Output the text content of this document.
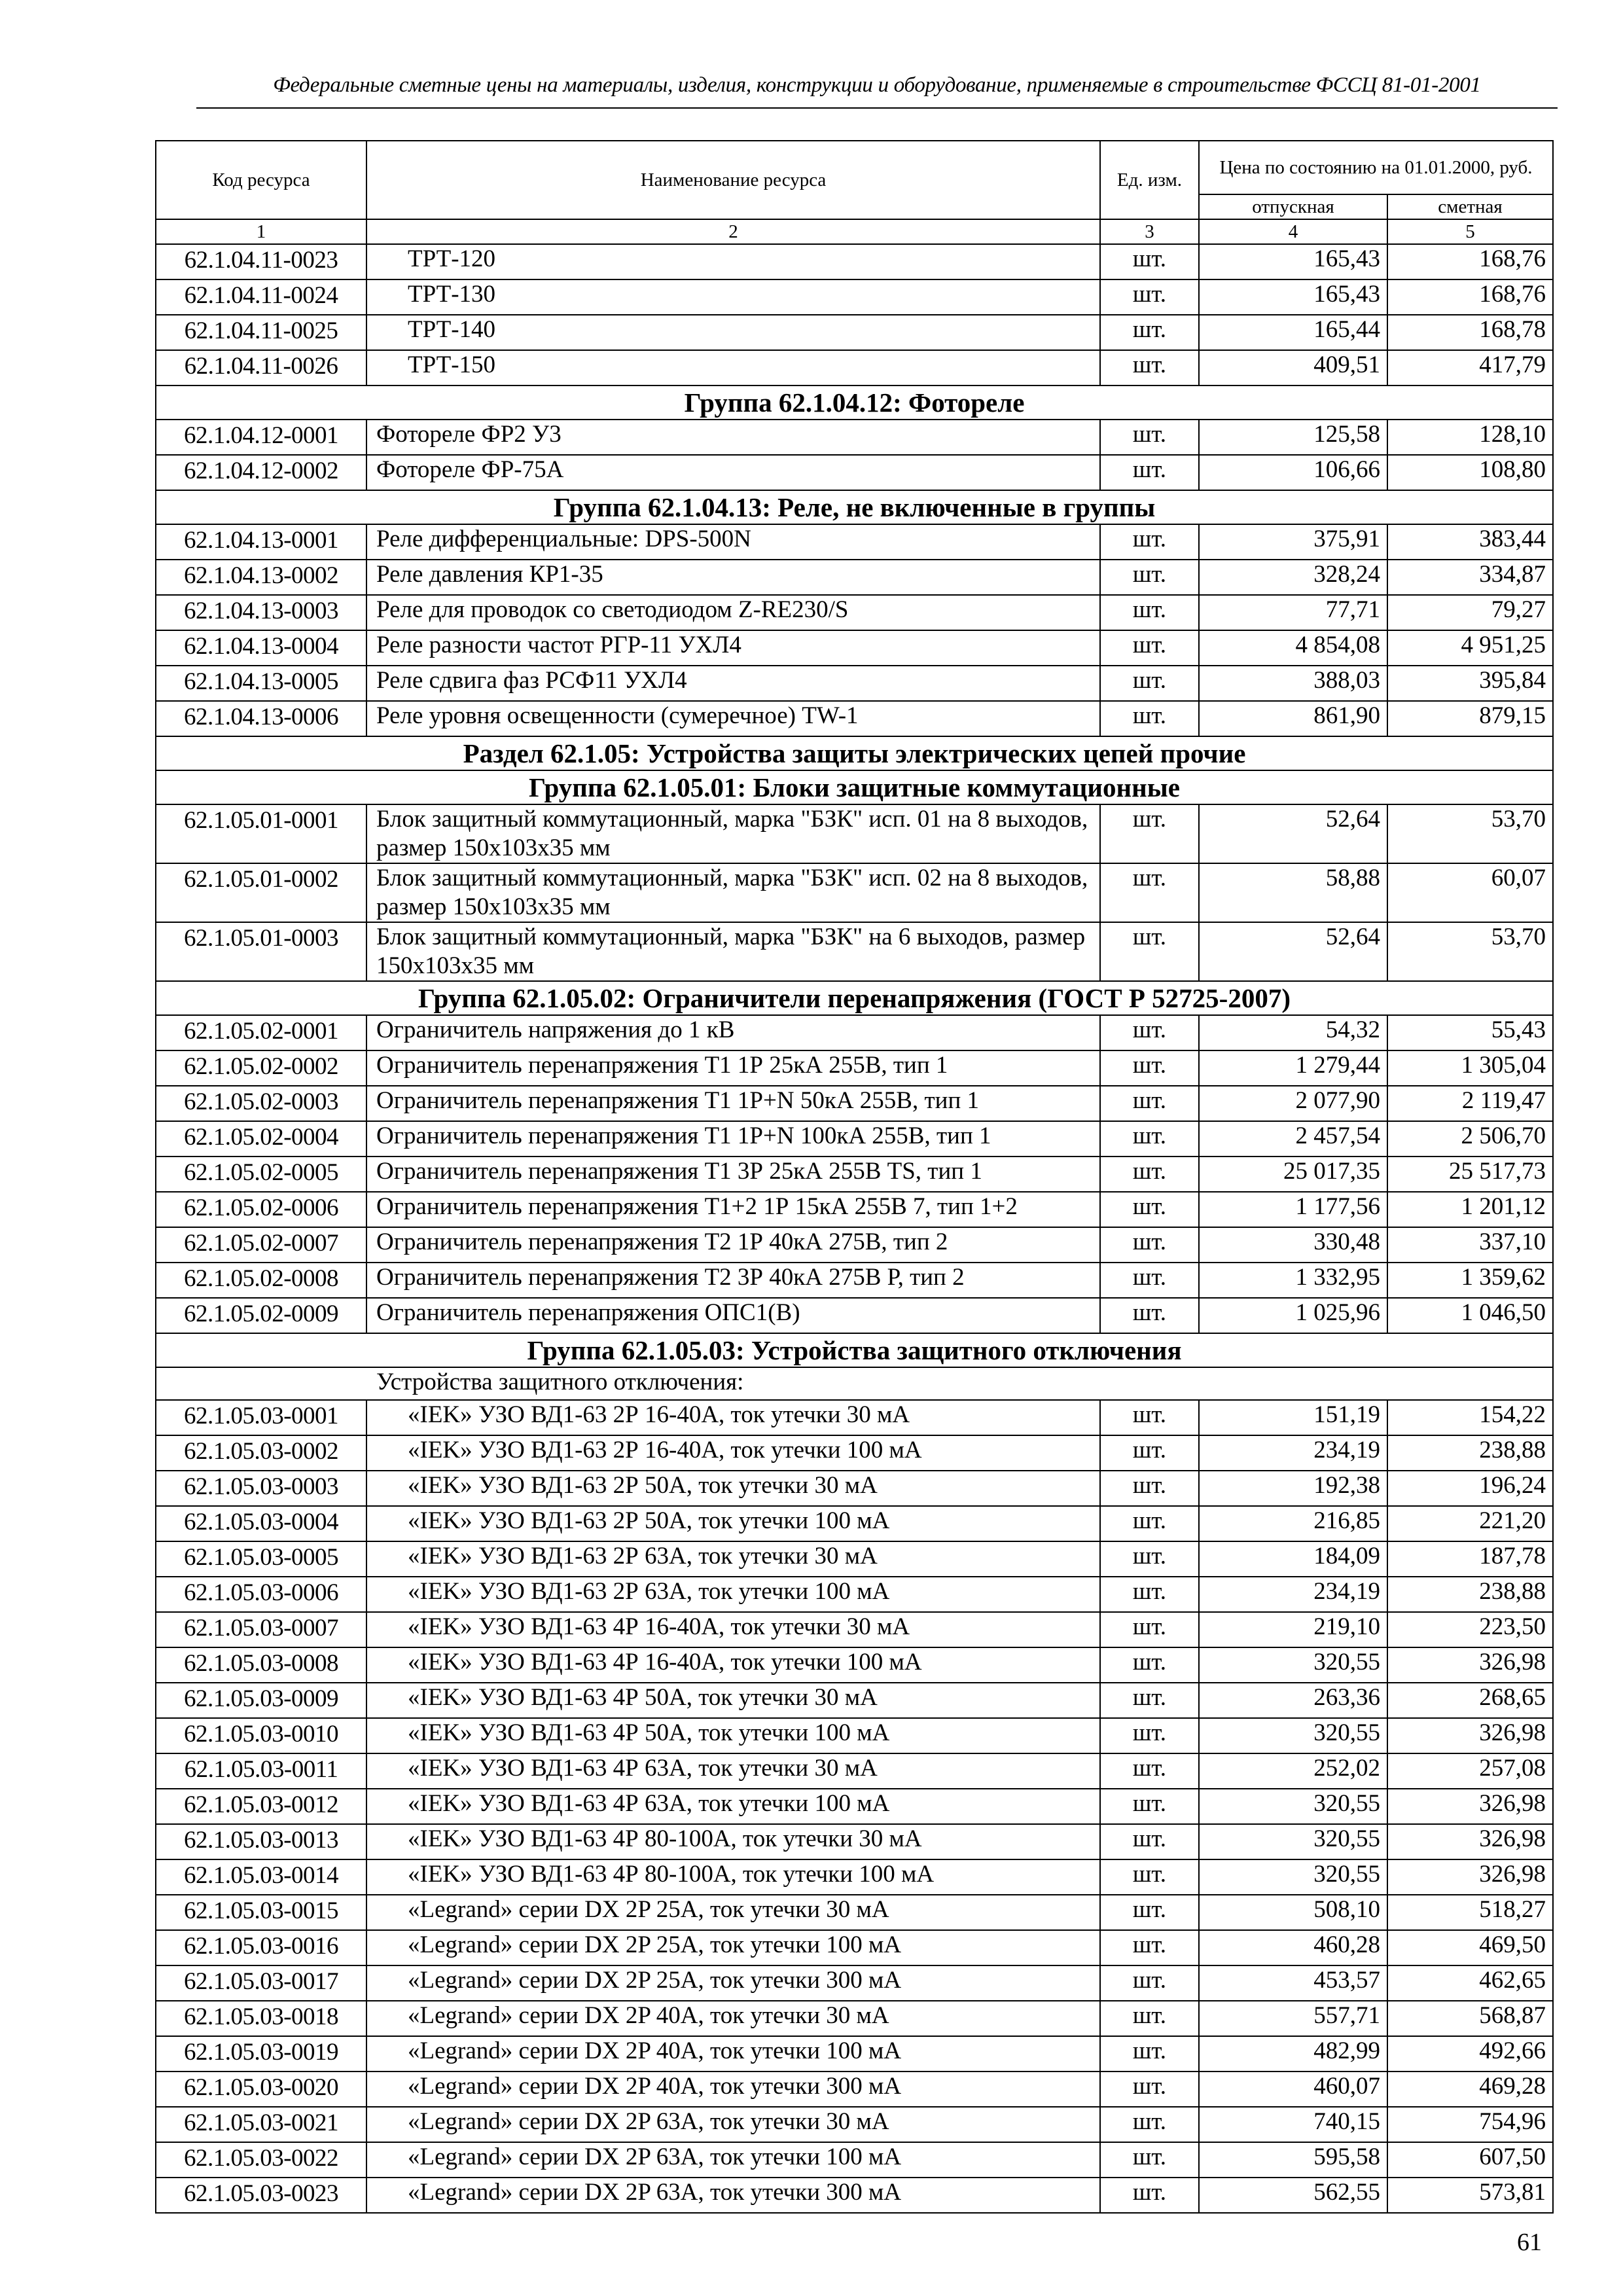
Федеральные сметные цены на материалы, изделия, конструкции и оборудование, применяемые в строительстве ФССЦ 81-01-2001
Код ресурса	Наименование ресурса	Ед. изм.	Цена по состоянию на 01.01.2000, руб.	
			отпускная	сметная
1	2	3	4	5
62.1.04.11-0023	ТРТ-120	шт.	165,43	168,76
62.1.04.11-0024	ТРТ-130	шт.	165,43	168,76
62.1.04.11-0025	ТРТ-140	шт.	165,44	168,78
62.1.04.11-0026	ТРТ-150	шт.	409,51	417,79
Группа 62.1.04.12: Фотореле				
62.1.04.12-0001	Фотореле ФР2 У3	шт.	125,58	128,10
62.1.04.12-0002	Фотореле ФР-75А	шт.	106,66	108,80
Группа 62.1.04.13: Реле, не включенные в группы				
62.1.04.13-0001	Реле дифференциальные: DPS-500N	шт.	375,91	383,44
62.1.04.13-0002	Реле давления КР1-35	шт.	328,24	334,87
62.1.04.13-0003	Реле для проводок со светодиодом Z-RE230/S	шт.	77,71	79,27
62.1.04.13-0004	Реле разности частот РГР-11 УХЛ4	шт.	4 854,08	4 951,25
62.1.04.13-0005	Реле сдвига фаз РСФ11 УХЛ4	шт.	388,03	395,84
62.1.04.13-0006	Реле уровня освещенности (сумеречное) TW-1	шт.	861,90	879,15
Раздел 62.1.05: Устройства защиты электрических цепей прочие				
Группа 62.1.05.01: Блоки защитные коммутационные				
62.1.05.01-0001	Блок защитный коммутационный, марка "БЗК" исп. 01 на 8 выходов, размер 150х103х35 мм	шт.	52,64	53,70
62.1.05.01-0002	Блок защитный коммутационный, марка "БЗК" исп. 02 на 8 выходов, размер 150х103х35 мм	шт.	58,88	60,07
62.1.05.01-0003	Блок защитный коммутационный, марка "БЗК" на 6 выходов, размер 150х103х35 мм	шт.	52,64	53,70
Группа 62.1.05.02: Ограничители перенапряжения (ГОСТ Р 52725-2007)				
62.1.05.02-0001	Ограничитель напряжения до 1 кВ	шт.	54,32	55,43
62.1.05.02-0002	Ограничитель перенапряжения Т1 1Р 25кА 255В, тип 1	шт.	1 279,44	1 305,04
62.1.05.02-0003	Ограничитель перенапряжения Т1 1Р+N 50кА 255В, тип 1	шт.	2 077,90	2 119,47
62.1.05.02-0004	Ограничитель перенапряжения Т1 1Р+N 100кА 255В, тип 1	шт.	2 457,54	2 506,70
62.1.05.02-0005	Ограничитель перенапряжения Т1 3Р 25кА 255В TS, тип 1	шт.	25 017,35	25 517,73
62.1.05.02-0006	Ограничитель перенапряжения Т1+2 1Р 15кА 255В 7, тип 1+2	шт.	1 177,56	1 201,12
62.1.05.02-0007	Ограничитель перенапряжения Т2 1Р 40кА 275В, тип 2	шт.	330,48	337,10
62.1.05.02-0008	Ограничитель перенапряжения Т2 3Р 40кА 275В Р, тип 2	шт.	1 332,95	1 359,62
62.1.05.02-0009	Ограничитель перенапряжения ОПС1(В)	шт.	1 025,96	1 046,50
Группа 62.1.05.03: Устройства защитного отключения				
Устройства защитного отключения:				
62.1.05.03-0001	«IEK» УЗО ВД1-63 2Р 16-40А, ток утечки 30 мА	шт.	151,19	154,22
62.1.05.03-0002	«IEK» УЗО ВД1-63 2Р 16-40А, ток утечки 100 мА	шт.	234,19	238,88
62.1.05.03-0003	«IEK» УЗО ВД1-63 2Р 50А, ток утечки 30 мА	шт.	192,38	196,24
62.1.05.03-0004	«IEK» УЗО ВД1-63 2Р 50А, ток утечки 100 мА	шт.	216,85	221,20
62.1.05.03-0005	«IEK» УЗО ВД1-63 2Р 63А, ток утечки 30 мА	шт.	184,09	187,78
62.1.05.03-0006	«IEK» УЗО ВД1-63 2Р 63А, ток утечки 100 мА	шт.	234,19	238,88
62.1.05.03-0007	«IEK» УЗО ВД1-63 4Р 16-40А, ток утечки 30 мА	шт.	219,10	223,50
62.1.05.03-0008	«IEK» УЗО ВД1-63 4Р 16-40А, ток утечки 100 мА	шт.	320,55	326,98
62.1.05.03-0009	«IEK» УЗО ВД1-63 4Р 50А, ток утечки 30 мА	шт.	263,36	268,65
62.1.05.03-0010	«IEK» УЗО ВД1-63 4Р 50А, ток утечки 100 мА	шт.	320,55	326,98
62.1.05.03-0011	«IEK» УЗО ВД1-63 4Р 63А, ток утечки 30 мА	шт.	252,02	257,08
62.1.05.03-0012	«IEK» УЗО ВД1-63 4Р 63А, ток утечки 100 мА	шт.	320,55	326,98
62.1.05.03-0013	«IEK» УЗО ВД1-63 4Р 80-100А, ток утечки 30 мА	шт.	320,55	326,98
62.1.05.03-0014	«IEK» УЗО ВД1-63 4Р 80-100А, ток утечки 100 мА	шт.	320,55	326,98
62.1.05.03-0015	«Legrand» серии DX 2P 25A, ток утечки 30 мА	шт.	508,10	518,27
62.1.05.03-0016	«Legrand» серии DX 2P 25A, ток утечки 100 мА	шт.	460,28	469,50
62.1.05.03-0017	«Legrand» серии DX 2P 25A, ток утечки 300 мА	шт.	453,57	462,65
62.1.05.03-0018	«Legrand» серии DX 2P 40A, ток утечки 30 мА	шт.	557,71	568,87
62.1.05.03-0019	«Legrand» серии DX 2P 40A, ток утечки 100 мА	шт.	482,99	492,66
62.1.05.03-0020	«Legrand» серии DX 2P 40A, ток утечки 300 мА	шт.	460,07	469,28
62.1.05.03-0021	«Legrand» серии DX 2P 63A, ток утечки 30 мА	шт.	740,15	754,96
62.1.05.03-0022	«Legrand» серии DX 2P 63A, ток утечки 100 мА	шт.	595,58	607,50
62.1.05.03-0023	«Legrand» серии DX 2P 63A, ток утечки 300 мА	шт.	562,55	573,81
61
